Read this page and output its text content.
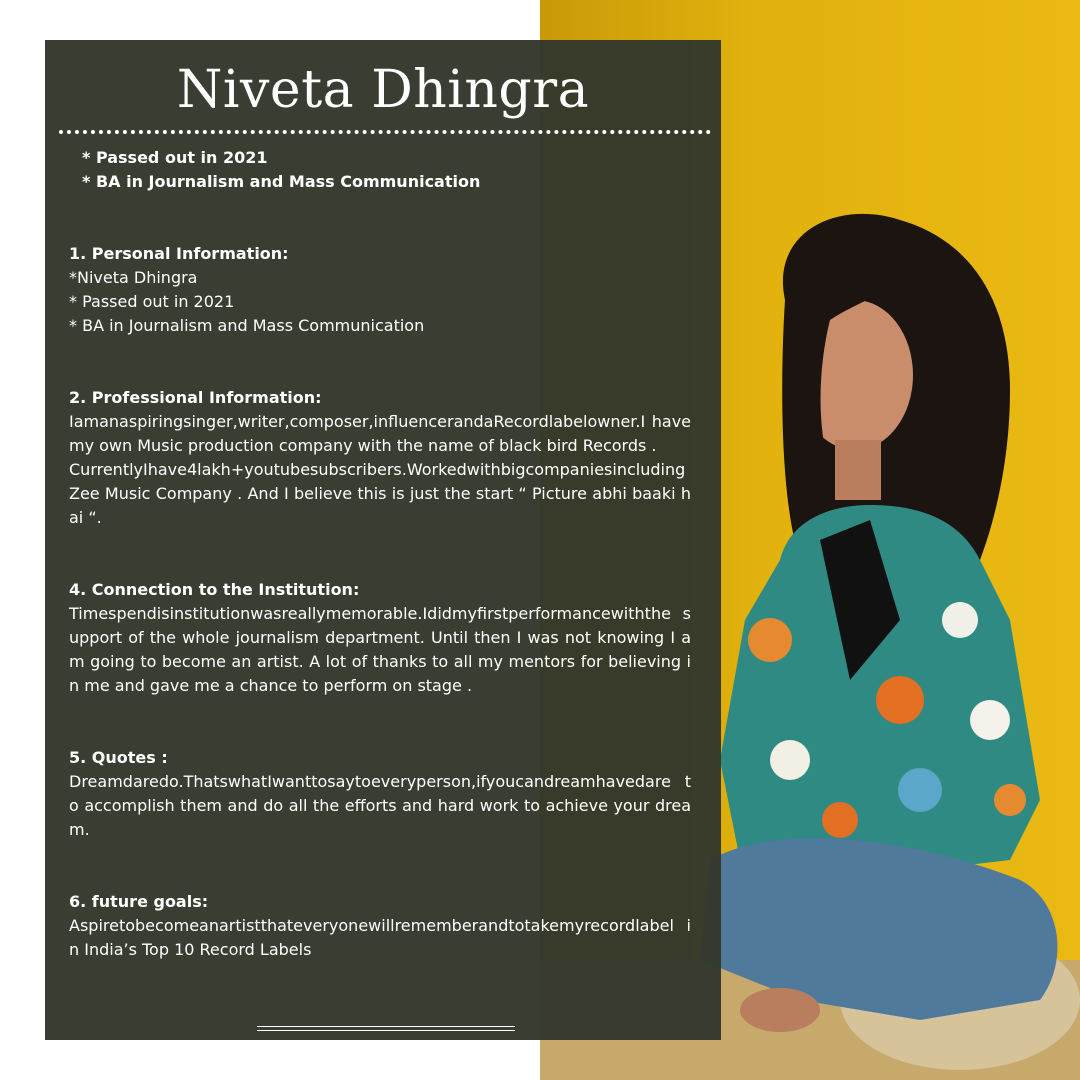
Niveta Dhingra
* Passed out in 2021
* BA in Journalism and Mass Communication
1. Personal Information:
*Niveta Dhingra
* Passed out in 2021
* BA in Journalism and Mass Communication
2. Professional Information:
Iamanaspiringsinger,writer,composer,influencerandaRecordlabelowner.I have my own Music production company with the name of black bird Records .
CurrentlyIhave4lakh+youtubesubscribers.Workedwithbigcompaniesincluding Zee Music Company . And I believe this is just the start “ Picture abhi baaki hai “.
4. Connection to the Institution:
Timespendisinstitutionwasreallymemorable.Ididmyfirstperformancewiththe support of the whole journalism department. Until then I was not knowing I am going to become an artist. A lot of thanks to all my mentors for believing in me and gave me a chance to perform on stage .
5. Quotes :
Dreamdaredo.ThatswhatIwanttosaytoeveryperson,ifyoucandreamhavedare to accomplish them and do all the efforts and hard work to achieve your dream.
6. future goals:
Aspiretobecomeanartistthateveryonewillrememberandtotakemyrecordlabel in India’s Top 10 Record Labels
